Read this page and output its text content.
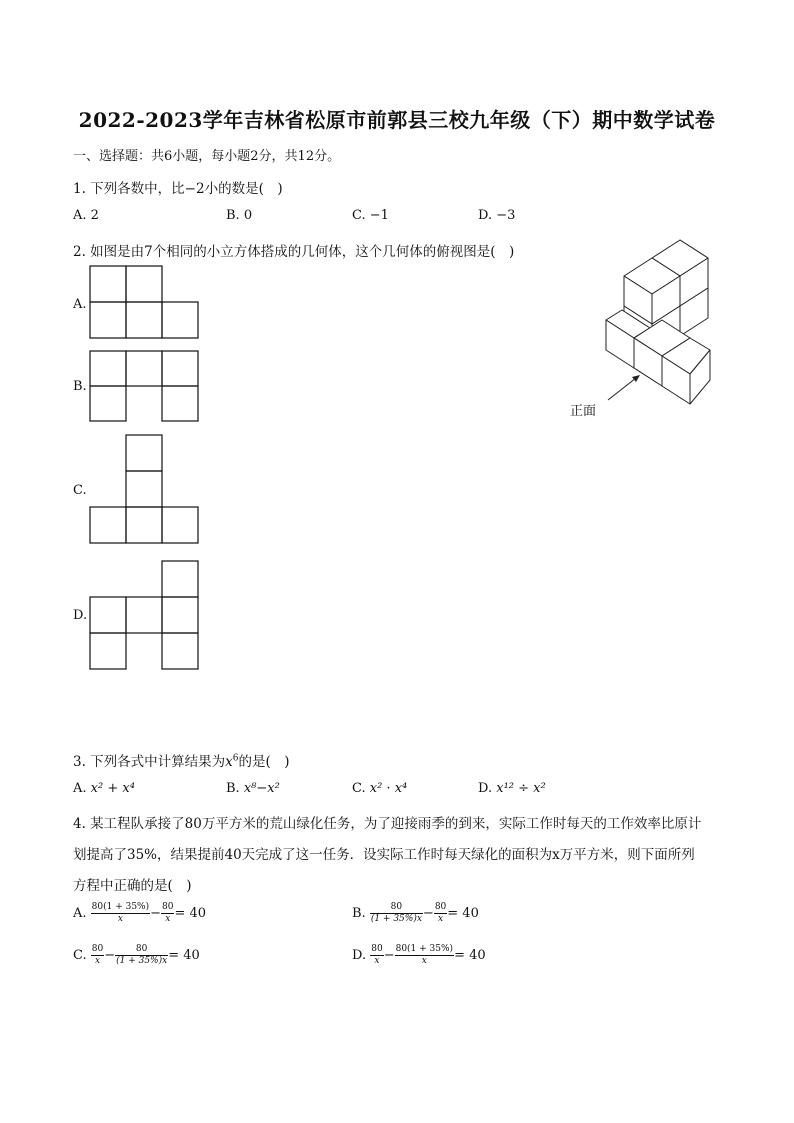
2022-2023学年吉林省松原市前郭县三校九年级（下）期中数学试卷
一、选择题：共6小题，每小题2分，共12分。
1. 下列各数中，比−2小的数是(　)
A. 2	B. 0	C. −1	D. −3
2. 如图是由7个相同的小立方体搭成的几何体，这个几何体的俯视图是(　)
A.
B.
C.
D.
正面
3. 下列各式中计算结果为$x^6$的是(　)
A. x² + x⁴	B. x⁸−x²	C. x² · x⁴	D. x¹² ÷ x²
4. 某工程队承接了80万平方米的荒山绿化任务，为了迎接雨季的到来，实际工作时每天的工作效率比原计
划提高了35%，结果提前40天完成了这一任务．设实际工作时每天绿化的面积为x万平方米，则下面所列
方程中正确的是(　)
A. $\frac{80(1 + 35\%)}{x} - \frac{80}{x} = 40$	B. $\frac{80}{(1 + 35\%)x} - \frac{80}{x} = 40$
C. $\frac{80}{x} - \frac{80}{(1 + 35\%)x} = 40$	D. $\frac{80}{x} - \frac{80(1 + 35\%)}{x} = 40$
